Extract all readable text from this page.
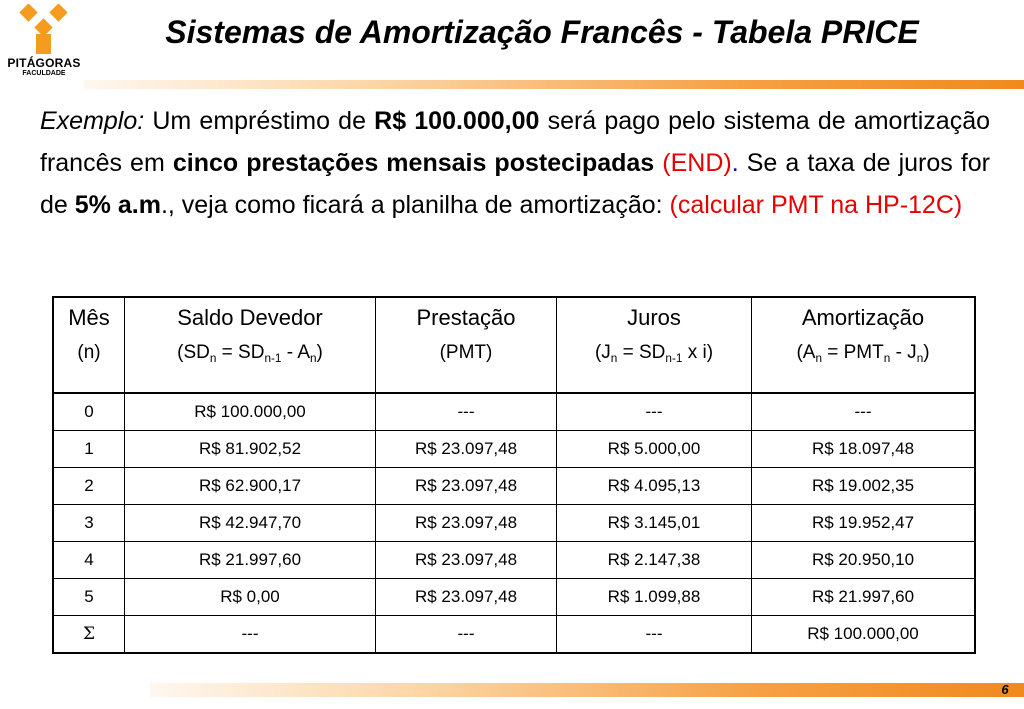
PITÁGORAS
FACULDADE
Sistemas de Amortização Francês - Tabela PRICE
Exemplo: Um empréstimo de R$ 100.000,00 será pago pelo sistema de amortização francês em cinco prestações mensais postecipadas (END). Se a taxa de juros for de 5% a.m., veja como ficará a planilha de amortização: (calcular PMT na HP-12C)
Mês	Saldo Devedor	Prestação	Juros	Amortização
(n)	$(SD_n = SD_{n-1} - A_n)$	(PMT)	($J_n = SD_{n-1}$ x i)	$(A_n = PMT_n - J_n)$
0	R$ 100.000,00	---	---	---
1	R$ 81.902,52	R$ 23.097,48	R$ 5.000,00	R$ 18.097,48
2	R$ 62.900,17	R$ 23.097,48	R$ 4.095,13	R$ 19.002,35
3	R$ 42.947,70	R$ 23.097,48	R$ 3.145,01	R$ 19.952,47
4	R$ 21.997,60	R$ 23.097,48	R$ 2.147,38	R$ 20.950,10
5	R$ 0,00	R$ 23.097,48	R$ 1.099,88	R$ 21.997,60
Σ	---	---	---	R$ 100.000,00
6
